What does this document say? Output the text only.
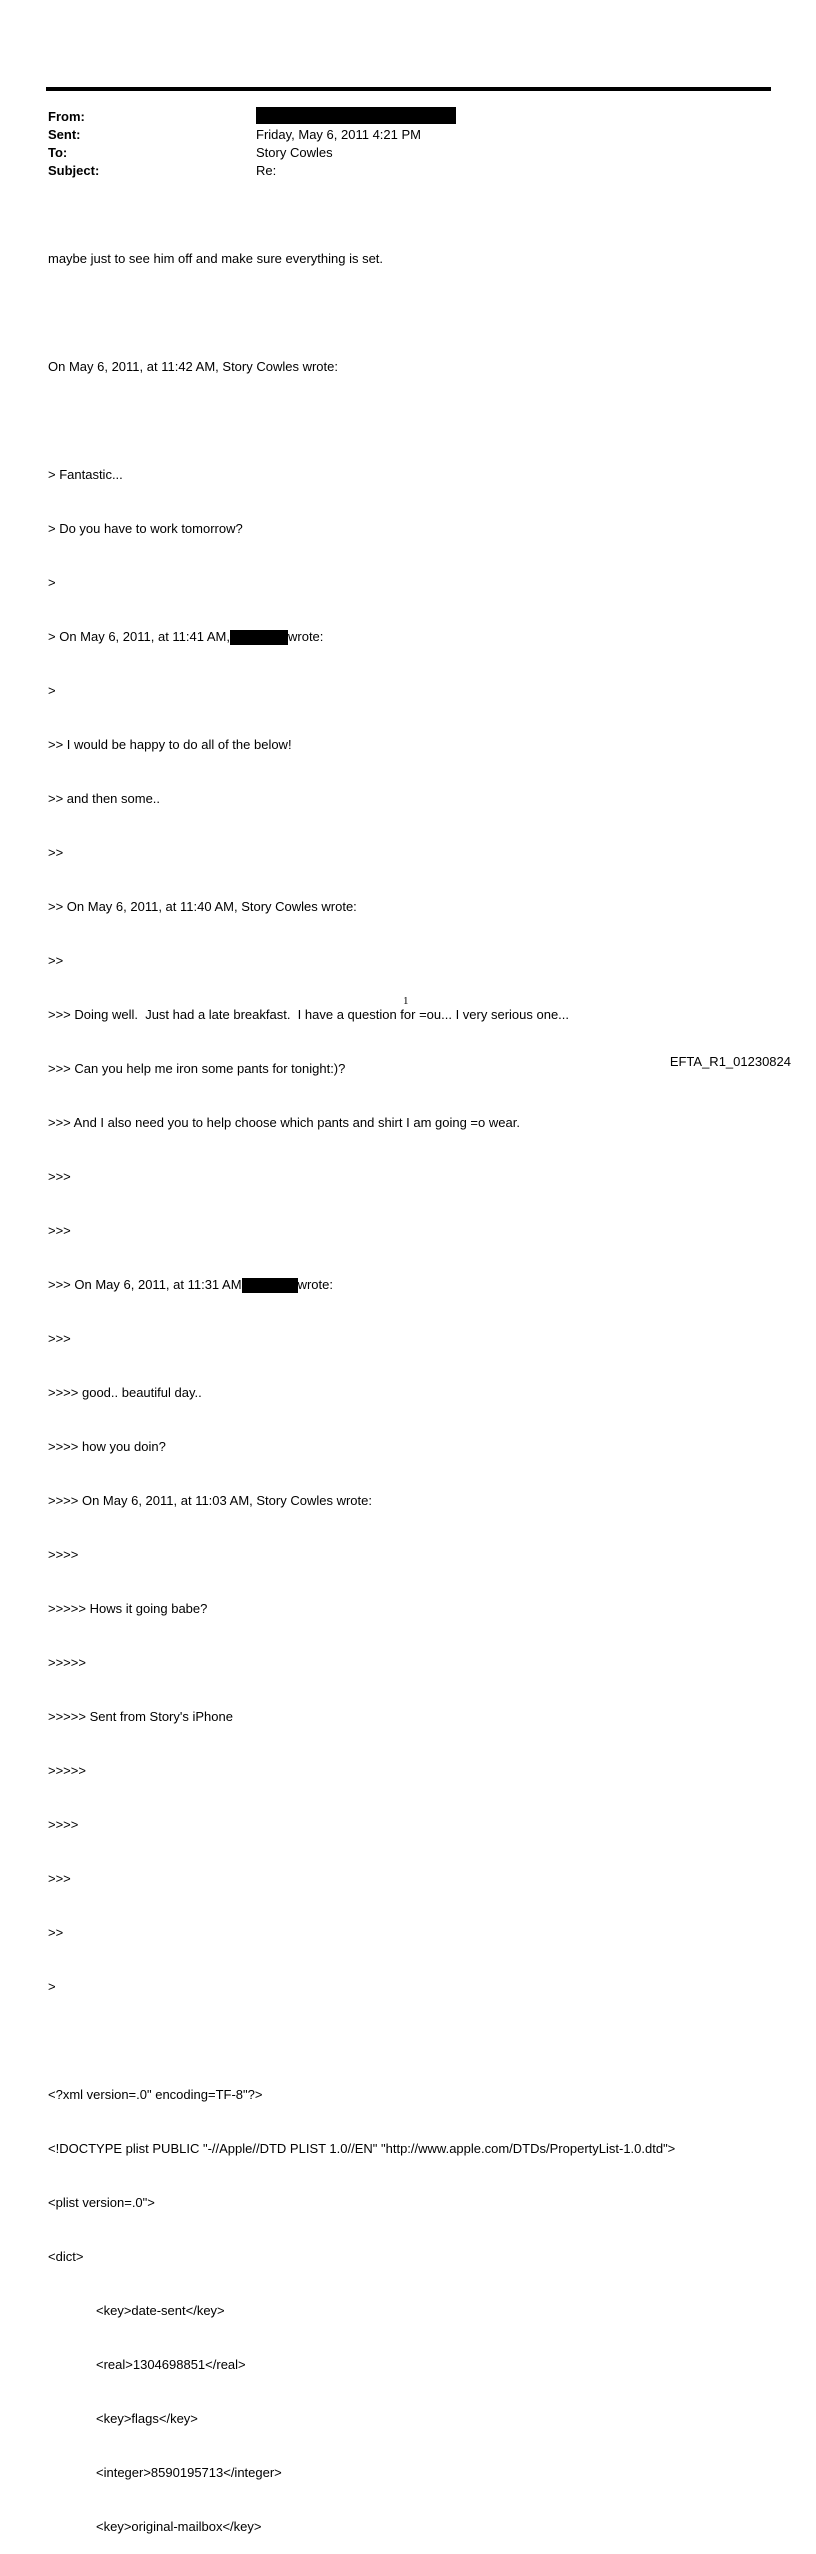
From:
Sent:	Friday, May 6, 2011 4:21 PM
To:	Story Cowles
Subject:	Re:

maybe just to see him off and make sure everything is set.

On May 6, 2011, at 11:42 AM, Story Cowles wrote:

> Fantastic...

> Do you have to work tomorrow?

>

> On May 6, 2011, at 11:41 AM,	wrote:

>

>> I would be happy to do all of the below!

>> and then some..

>>

>> On May 6, 2011, at 11:40 AM, Story Cowles wrote:

>>

>>> Doing well.  Just had a late breakfast.  I have a question for =ou... I very serious one...

>>> Can you help me iron some pants for tonight:)?

>>> And I also need you to help choose which pants and shirt I am going =o wear.

>>>

>>>

>>> On May 6, 2011, at 11:31 AM	wrote:

>>>

>>>> good.. beautiful day..

>>>> how you doin?

>>>> On May 6, 2011, at 11:03 AM, Story Cowles wrote:

>>>>

>>>>> Hows it going babe?

>>>>>

>>>>> Sent from Story's iPhone

>>>>>

>>>>

>>>

>>

>

<?xml version=.0" encoding=TF-8"?>

<!DOCTYPE plist PUBLIC "-//Apple//DTD PLIST 1.0//EN" "http://www.apple.com/DTDs/PropertyList-1.0.dtd">

<plist version=.0">

<dict>

<key>date-sent</key>

<real>1304698851</real>

<key>flags</key>

<integer>8590195713</integer>

<key>original-mailbox</key>

1
EFTA_R1_01230824
